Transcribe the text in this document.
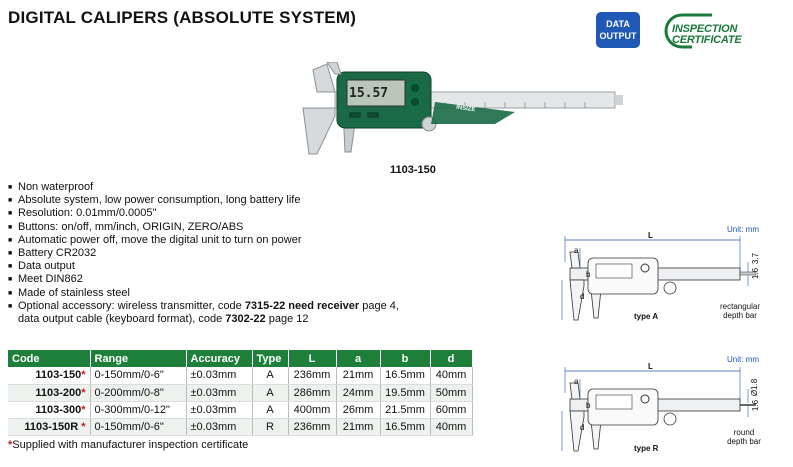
DIGITAL CALIPERS (ABSOLUTE SYSTEM)	DATA
OUTPUT
INSPECTION
CERTIFICATE
15.57
INSIZE
1103-150
■ Non waterproof
■ Absolute system, low power consumption, long battery life
■ Resolution: 0.01mm/0.0005"
■ Buttons: on/off, mm/inch, ORIGIN, ZERO/ABS
■ Automatic power off, move the digital unit to turn on power
■ Battery CR2032
■ Data output
■ Meet DIN862
■ Made of stainless steel
■ Optional accessory: wireless transmitter, code 7315-22 need receiver page 4,
data output cable (keyboard format), code 7302-22 page 12
Code	Range	Accuracy	Type	L	a	b	d
1103-150*	0-150mm/0-6"	±0.03mm	A	236mm	21mm	16.5mm	40mm
1103-200*	0-200mm/0-8"	±0.03mm	A	286mm	24mm	19.5mm	50mm
1103-300*	0-300mm/0-12"	±0.03mm	A	400mm	26mm	21.5mm	60mm
1103-150R *	0-150mm/0-6"	±0.03mm	R	236mm	21mm	16.5mm	40mm
*Supplied with manufacturer inspection certificate
Unit: mm
L
a
b
d
3.7
1.6
type A
rectangular
depth bar
Unit: mm
L
a
b
d
Ø1.8
1.6
type R
round
depth bar
